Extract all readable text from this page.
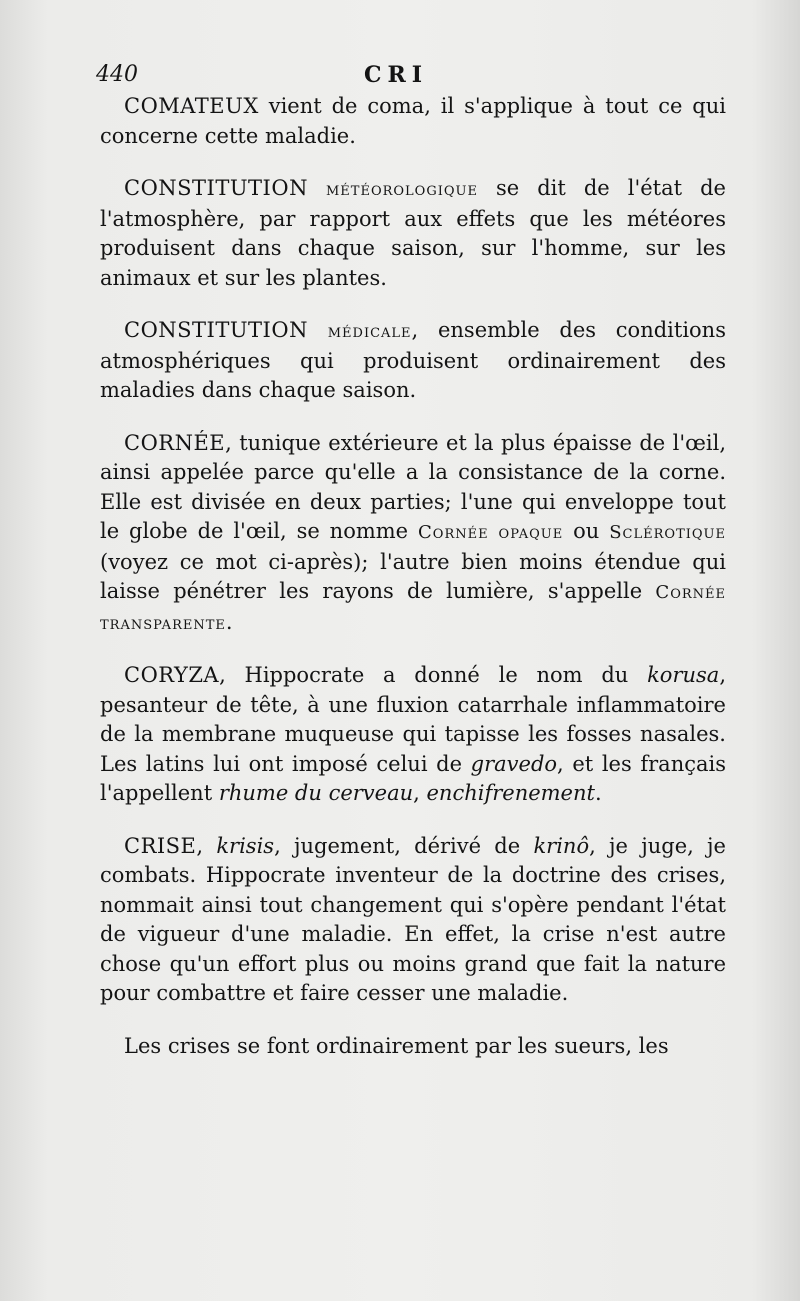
440	CRI

COMATEUX vient de coma, il s'applique à tout ce qui concerne cette maladie.

CONSTITUTION météorologique se dit de l'état de l'atmosphère, par rapport aux effets que les météores produisent dans chaque saison, sur l'homme, sur les animaux et sur les plantes.

CONSTITUTION médicale, ensemble des conditions atmosphériques qui produisent ordinairement des maladies dans chaque saison.

CORNÉE, tunique extérieure et la plus épaisse de l'œil, ainsi appelée parce qu'elle a la consistance de la corne. Elle est divisée en deux parties; l'une qui enveloppe tout le globe de l'œil, se nomme Cornée opaque ou Sclérotique (voyez ce mot ci-après); l'autre bien moins étendue qui laisse pénétrer les rayons de lumière, s'appelle Cornée transparente.

CORYZA, Hippocrate a donné le nom du korusa, pesanteur de tête, à une fluxion catarrhale inflammatoire de la membrane muqueuse qui tapisse les fosses nasales. Les latins lui ont imposé celui de gravedo, et les français l'appellent rhume du cerveau, enchifrenement.

CRISE, krisis, jugement, dérivé de krinô, je juge, je combats. Hippocrate inventeur de la doctrine des crises, nommait ainsi tout changement qui s'opère pendant l'état de vigueur d'une maladie. En effet, la crise n'est autre chose qu'un effort plus ou moins grand que fait la nature pour combattre et faire cesser une maladie.

Les crises se font ordinairement par les sueurs, les
